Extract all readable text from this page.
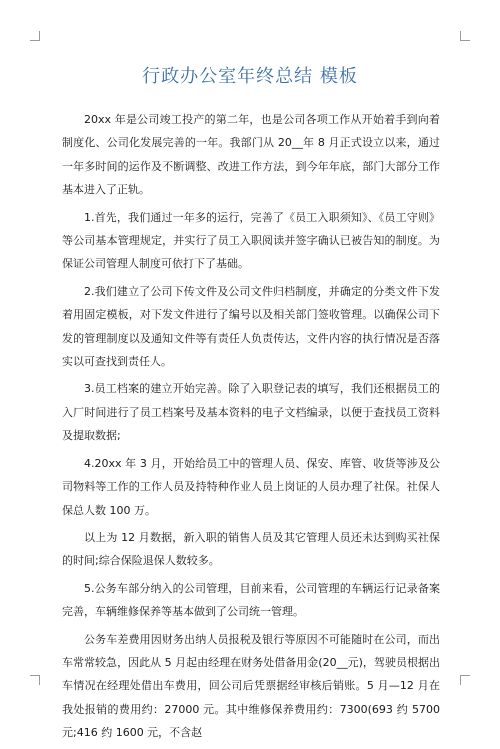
行政办公室年终总结 模板

20xx 年是公司竣工投产的第二年，也是公司各项工作从开始着手到向着制度化、公司化发展完善的一年。我部门从 20__年 8 月正式设立以来，通过一年多时间的运作及不断调整、改进工作方法，到今年年底，部门大部分工作基本进入了正轨。

1.首先，我们通过一年多的运行，完善了《员工入职须知》、《员工守则》等公司基本管理规定，并实行了员工入职阅读并签字确认已被告知的制度。为保证公司管理人制度可依打下了基础。

2.我们建立了公司下传文件及公司文件归档制度，并确定的分类文件下发着用固定模板，对下发文件进行了编号以及相关部门签收管理。以确保公司下发的管理制度以及通知文件等有责任人负责传达，文件内容的执行情况是否落实以可查找到责任人。

3.员工档案的建立开始完善。除了入职登记表的填写，我们还根据员工的入厂时间进行了员工档案号及基本资料的电子文档编录，以便于查找员工资料及提取数据;

4.20xx 年 3 月，开始给员工中的管理人员、保安、库管、收货等涉及公司物料等工作的工作人员及持特种作业人员上岗证的人员办理了社保。社保人保总人数 100 万。

以上为 12 月数据，新入职的销售人员及其它管理人员还未达到购买社保的时间;综合保险退保人数较多。

5.公务车部分纳入的公司管理，目前来看，公司管理的车辆运行记录备案完善，车辆维修保养等基本做到了公司统一管理。

公务车差费用因财务出纳人员报税及银行等原因不可能随时在公司，而出车常常较急，因此从 5 月起由经理在财务处借备用金(20__元)，驾驶员根据出车情况在经理处借出车费用，回公司后凭票据经审核后销账。5 月—12 月在我处报销的费用约：27000 元。其中维修保养费用约：7300(693 约 5700 元;416 约 1600 元，不含赵
